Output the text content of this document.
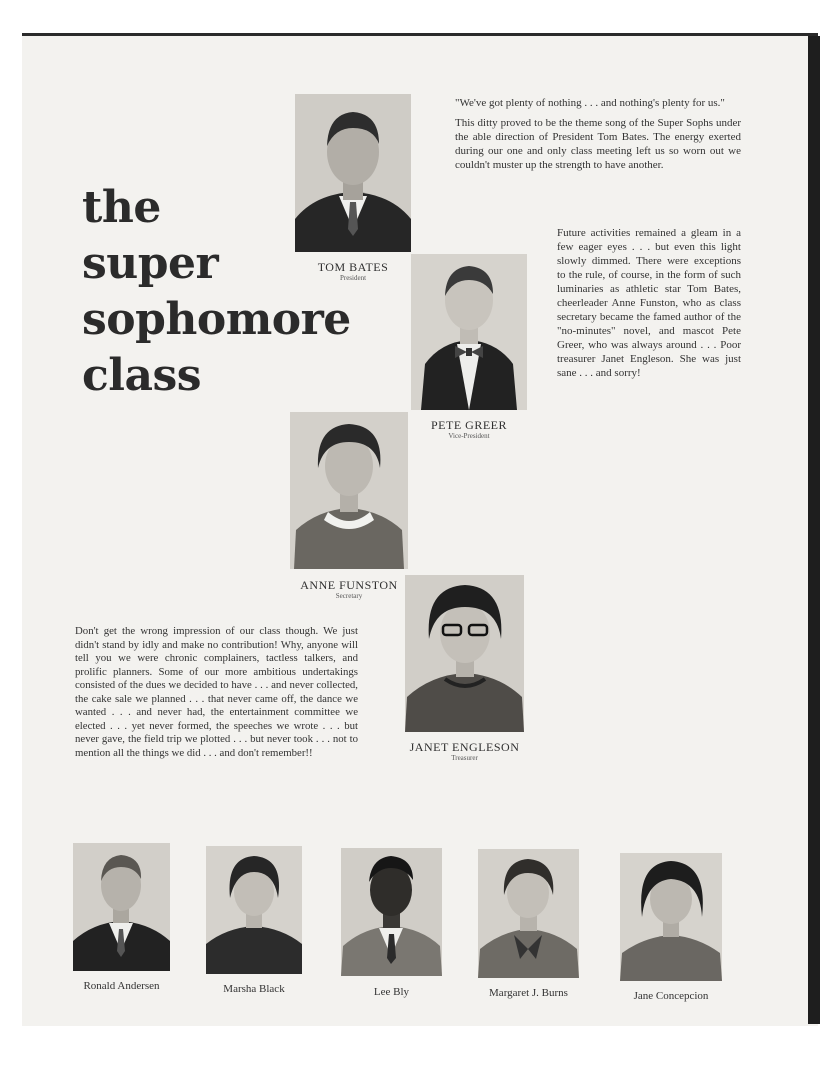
the
super
sophomore
class
TOM BATES
President
PETE GREER
Vice-President
ANNE FUNSTON
Secretary
JANET ENGLESON
Treasurer

"We've got plenty of nothing . . . and nothing's plenty for us."

This ditty proved to be the theme song of the Super Sophs under the able direction of President Tom Bates. The energy exerted during our one and only class meeting left us so worn out we couldn't muster up the strength to have another.

Future activities remained a gleam in a few eager eyes . . . but even this light slowly dimmed. There were exceptions to the rule, of course, in the form of such luminaries as athletic star Tom Bates, cheerleader Anne Funston, who as class secretary became the famed author of the "no-minutes" novel, and mascot Pete Greer, who was always around . . . Poor treasurer Janet Engleson. She was just sane . . . and sorry!

Don't get the wrong impression of our class though. We just didn't stand by idly and make no contribution! Why, anyone will tell you we were chronic complainers, tactless talkers, and prolific planners. Some of our more ambitious undertakings consisted of the dues we decided to have . . . and never collected, the cake sale we planned . . . that never came off, the dance we wanted . . . and never had, the entertainment committee we elected . . . yet never formed, the speeches we wrote . . . but never gave, the field trip we plotted . . . but never took . . . not to mention all the things we did . . . and don't remember!!

Ronald Andersen	Marsha Black	Lee Bly	Margaret J. Burns	Jane Concepcion
